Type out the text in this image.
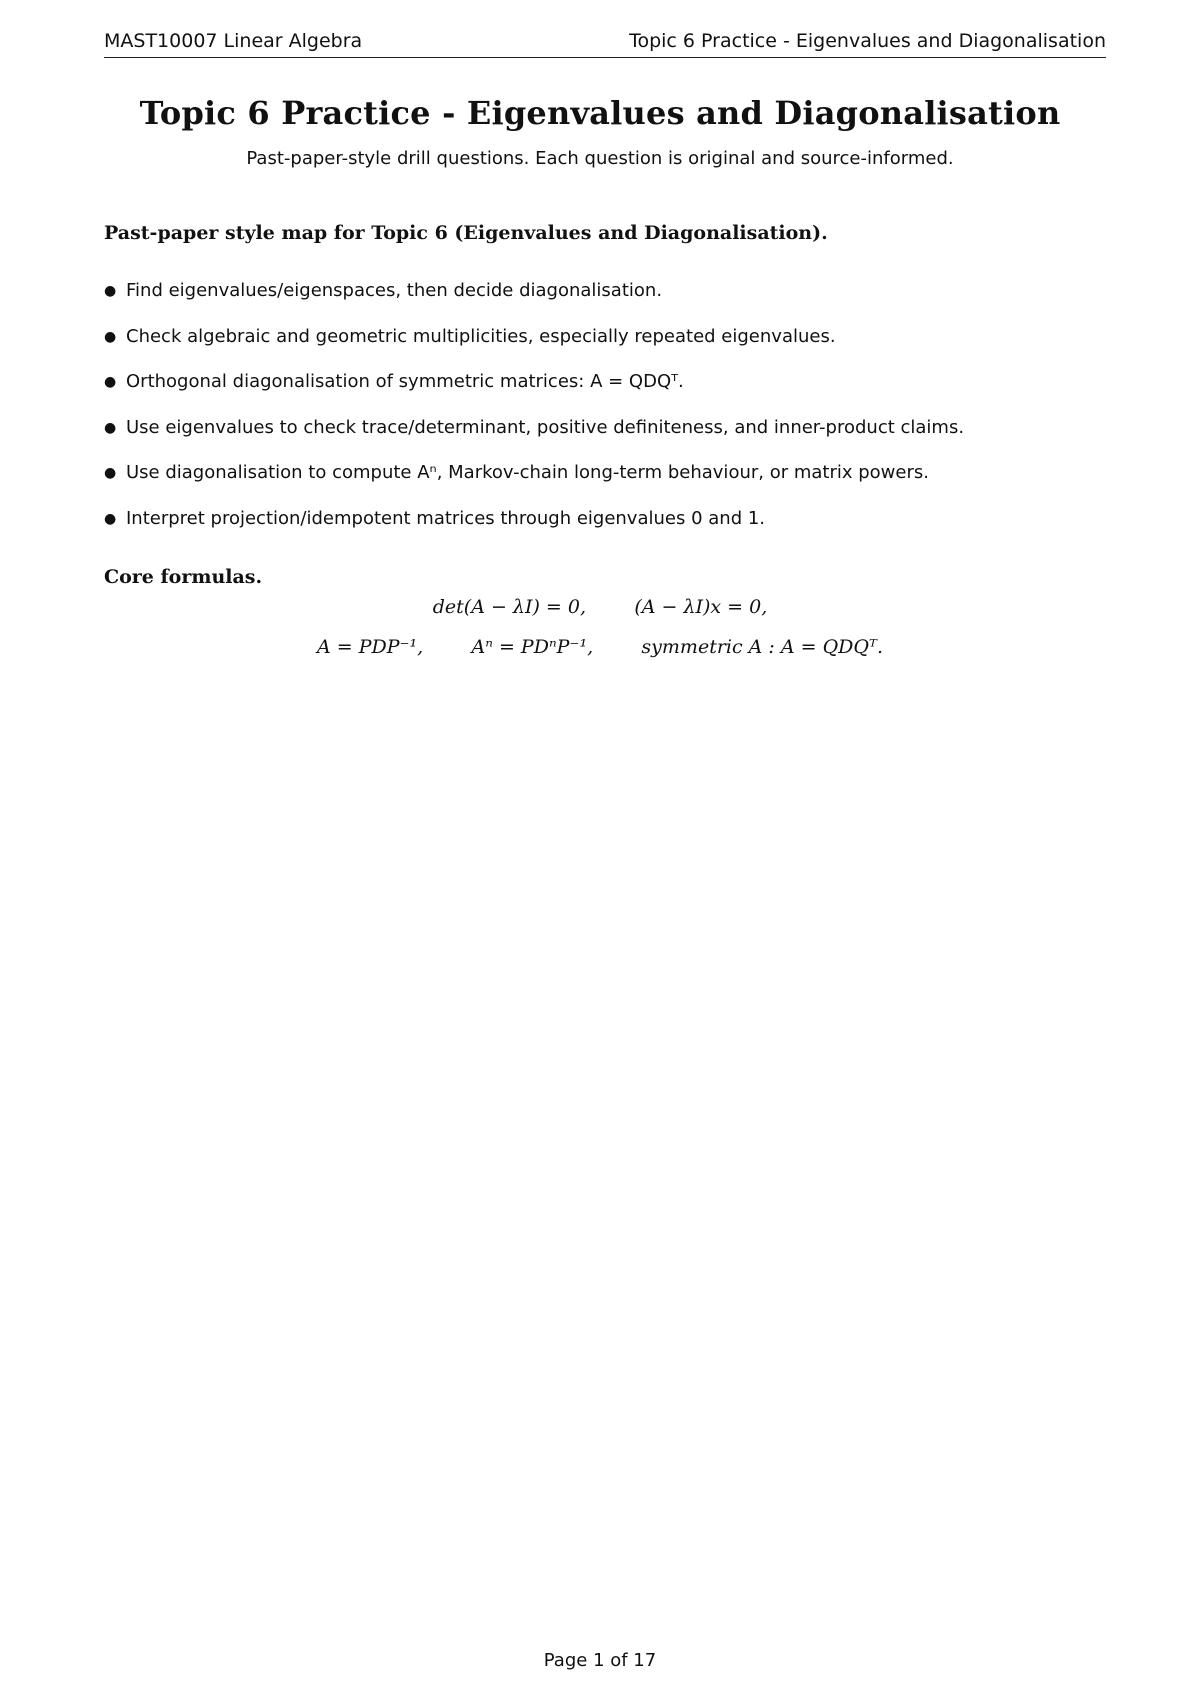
MAST10007 Linear Algebra	Topic 6 Practice - Eigenvalues and Diagonalisation
Topic 6 Practice - Eigenvalues and Diagonalisation
Past-paper-style drill questions. Each question is original and source-informed.
Past-paper style map for Topic 6 (Eigenvalues and Diagonalisation).
● Find eigenvalues/eigenspaces, then decide diagonalisation.
● Check algebraic and geometric multiplicities, especially repeated eigenvalues.
● Orthogonal diagonalisation of symmetric matrices: A = QDQᵀ.
● Use eigenvalues to check trace/determinant, positive definiteness, and inner-product claims.
● Use diagonalisation to compute Aⁿ, Markov-chain long-term behaviour, or matrix powers.
● Interpret projection/idempotent matrices through eigenvalues 0 and 1.
Core formulas.
det(A − λI) = 0,        (A − λI)x = 0,
A = PDP⁻¹,        Aⁿ = PDⁿP⁻¹,        symmetric A : A = QDQᵀ.
Page 1 of 17
